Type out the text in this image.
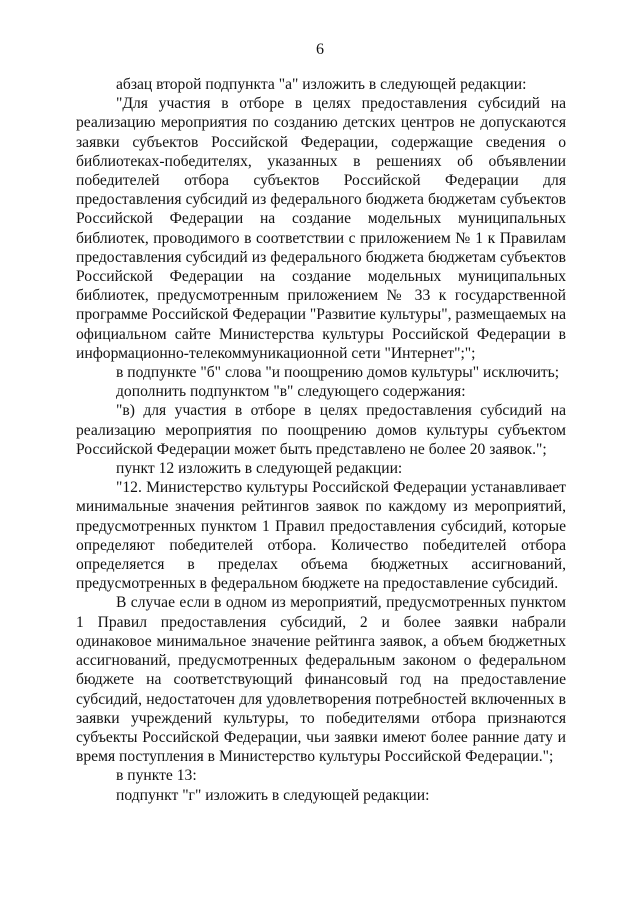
6

абзац второй подпункта "а" изложить в следующей редакции:

"Для участия в отборе в целях предоставления субсидий на реализацию мероприятия по созданию детских центров не допускаются заявки субъектов Российской Федерации, содержащие сведения о библиотеках-победителях, указанных в решениях об объявлении победителей отбора субъектов Российской Федерации для предоставления субсидий из федерального бюджета бюджетам субъектов Российской Федерации на создание модельных муниципальных библиотек, проводимого в соответствии с приложением № 1 к Правилам предоставления субсидий из федерального бюджета бюджетам субъектов Российской Федерации на создание модельных муниципальных библиотек, предусмотренным приложением № 33 к государственной программе Российской Федерации "Развитие культуры", размещаемых на официальном сайте Министерства культуры Российской Федерации в информационно-телекоммуникационной сети "Интернет";";

в подпункте "б" слова "и поощрению домов культуры" исключить;

дополнить подпунктом "в" следующего содержания:

"в) для участия в отборе в целях предоставления субсидий на реализацию мероприятия по поощрению домов культуры субъектом Российской Федерации может быть представлено не более 20 заявок.";

пункт 12 изложить в следующей редакции:

"12. Министерство культуры Российской Федерации устанавливает минимальные значения рейтингов заявок по каждому из мероприятий, предусмотренных пунктом 1 Правил предоставления субсидий, которые определяют победителей отбора. Количество победителей отбора определяется в пределах объема бюджетных ассигнований, предусмотренных в федеральном бюджете на предоставление субсидий.

В случае если в одном из мероприятий, предусмотренных пунктом 1 Правил предоставления субсидий, 2 и более заявки набрали одинаковое минимальное значение рейтинга заявок, а объем бюджетных ассигнований, предусмотренных федеральным законом о федеральном бюджете на соответствующий финансовый год на предоставление субсидий, недостаточен для удовлетворения потребностей включенных в заявки учреждений культуры, то победителями отбора признаются субъекты Российской Федерации, чьи заявки имеют более ранние дату и время поступления в Министерство культуры Российской Федерации.";

в пункте 13:

подпункт "г" изложить в следующей редакции:
